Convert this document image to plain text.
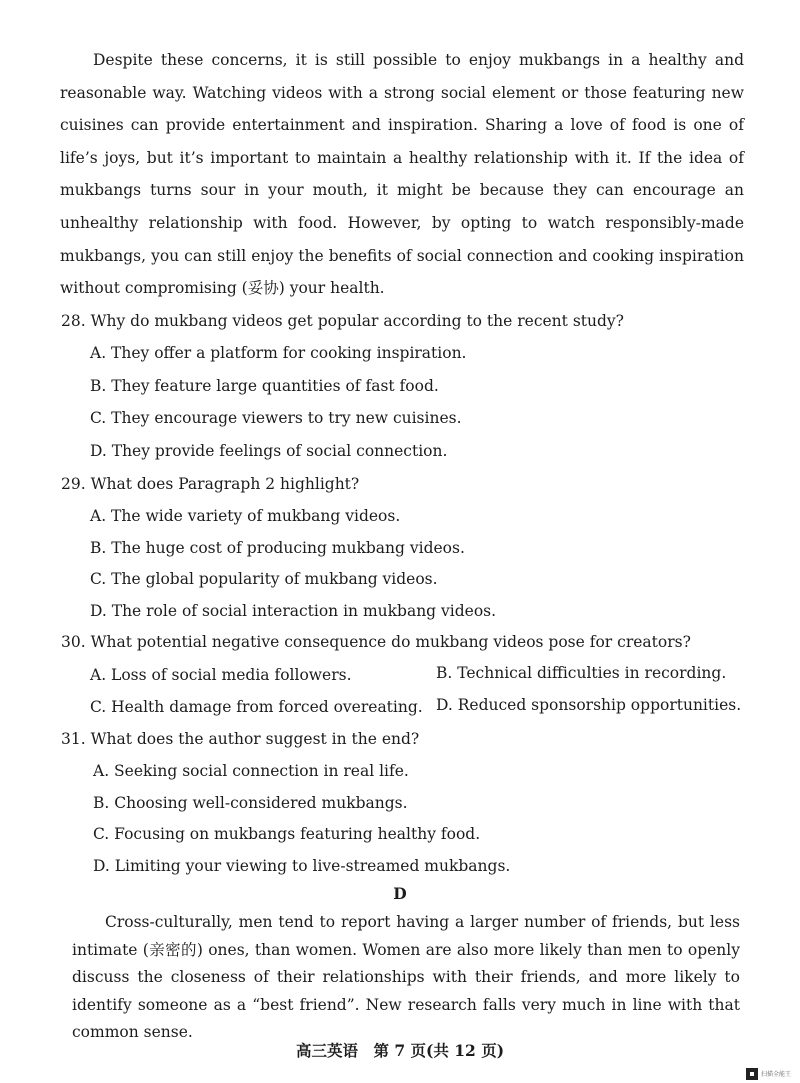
Despite these concerns, it is still possible to enjoy mukbangs in a healthy and reasonable way. Watching videos with a strong social element or those featuring new cuisines can provide entertainment and inspiration. Sharing a love of food is one of life’s joys, but it’s important to maintain a healthy relationship with it. If the idea of mukbangs turns sour in your mouth, it might be because they can encourage an unhealthy relationship with food. However, by opting to watch responsibly-made mukbangs, you can still enjoy the benefits of social connection and cooking inspiration without compromising (妥协) your health.

28. Why do mukbang videos get popular according to the recent study?

A. They offer a platform for cooking inspiration.

B. They feature large quantities of fast food.

C. They encourage viewers to try new cuisines.

D. They provide feelings of social connection.

29. What does Paragraph 2 highlight?

A. The wide variety of mukbang videos.

B. The huge cost of producing mukbang videos.

C. The global popularity of mukbang videos.

D. The role of social interaction in mukbang videos.

30. What potential negative consequence do mukbang videos pose for creators?

A. Loss of social media followers.	B. Technical difficulties in recording.

C. Health damage from forced overeating. D. Reduced sponsorship opportunities.

31. What does the author suggest in the end?

A. Seeking social connection in real life.

B. Choosing well-considered mukbangs.

C. Focusing on mukbangs featuring healthy food.

D. Limiting your viewing to live-streamed mukbangs.

D

Cross-culturally, men tend to report having a larger number of friends, but less intimate (亲密的) ones, than women. Women are also more likely than men to openly discuss the closeness of their relationships with their friends, and more likely to identify someone as a “best friend”. New research falls very much in line with that common sense.

高三英语　第 7 页(共 12 页)

扫描全能王
